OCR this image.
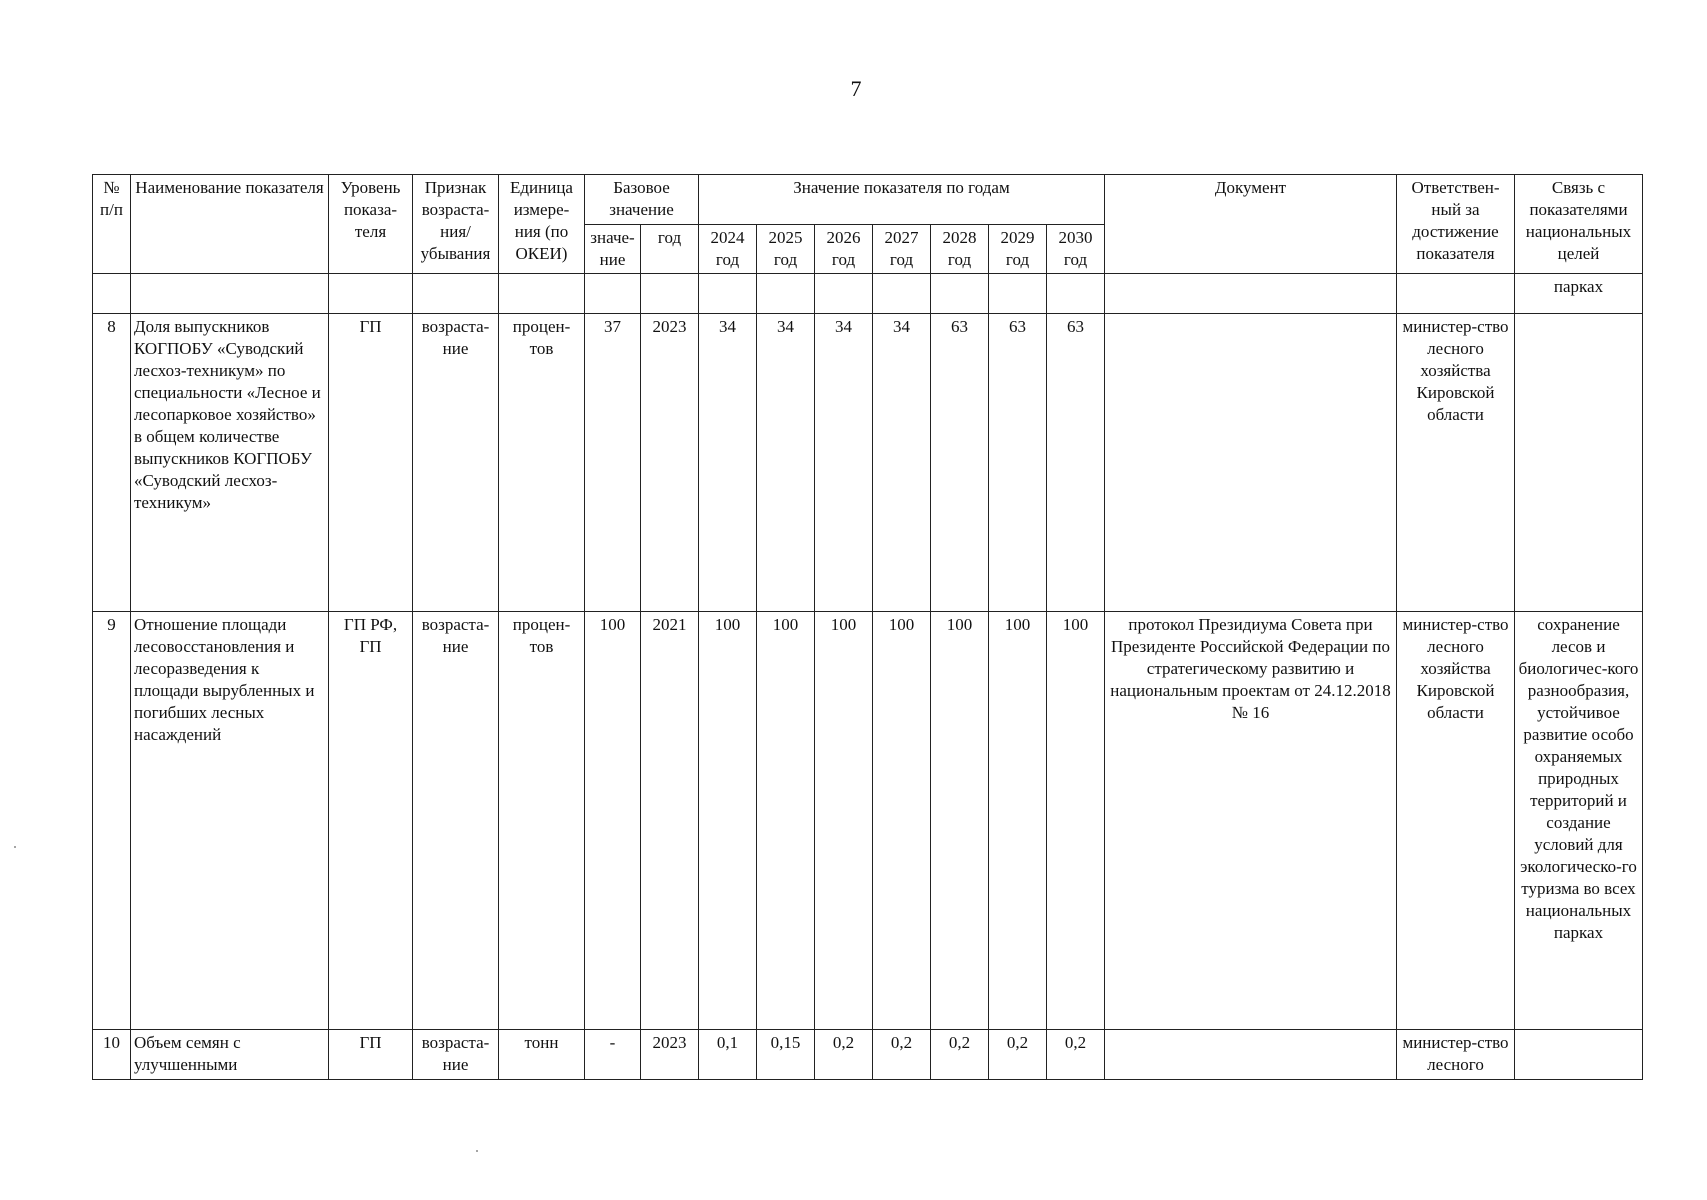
7
№ п/п	Наименование показателя	Уровень показа-теля	Признак возраста-ния/ убывания	Единица измере-ния (по ОКЕИ)	Базовое значение		Значение показателя по годам							Документ	Ответствен-ный за достижение показателя	Связь с показателями национальных целей
					значе-ние	год	2024 год	2025 год	2026 год	2027 год	2028 год	2029 год	2030 год			
																парках
8	Доля выпускников КОГПОБУ «Суводский лесхоз-техникум» по специальности «Лесное и лесопарковое хозяйство» в общем количестве выпускников КОГПОБУ «Суводский лесхоз-техникум»	ГП	возраста-ние	процен-тов	37	2023	34	34	34	34	63	63	63		министер-ство лесного хозяйства Кировской области	
9	Отношение площади лесовосстановления и лесоразведения к площади вырубленных и погибших лесных насаждений	ГП РФ, ГП	возраста-ние	процен-тов	100	2021	100	100	100	100	100	100	100	протокол Президиума Совета при Президенте Российской Федерации по стратегическому развитию и национальным проектам от 24.12.2018 № 16	министер-ство лесного хозяйства Кировской области	сохранение лесов и биологичес-кого разнообразия, устойчивое развитие особо охраняемых природных территорий и создание условий для экологическо-го туризма во всех национальных парках
10	Объем семян с улучшенными	ГП	возраста-ние	тонн	-	2023	0,1	0,15	0,2	0,2	0,2	0,2	0,2		министер-ство лесного	
